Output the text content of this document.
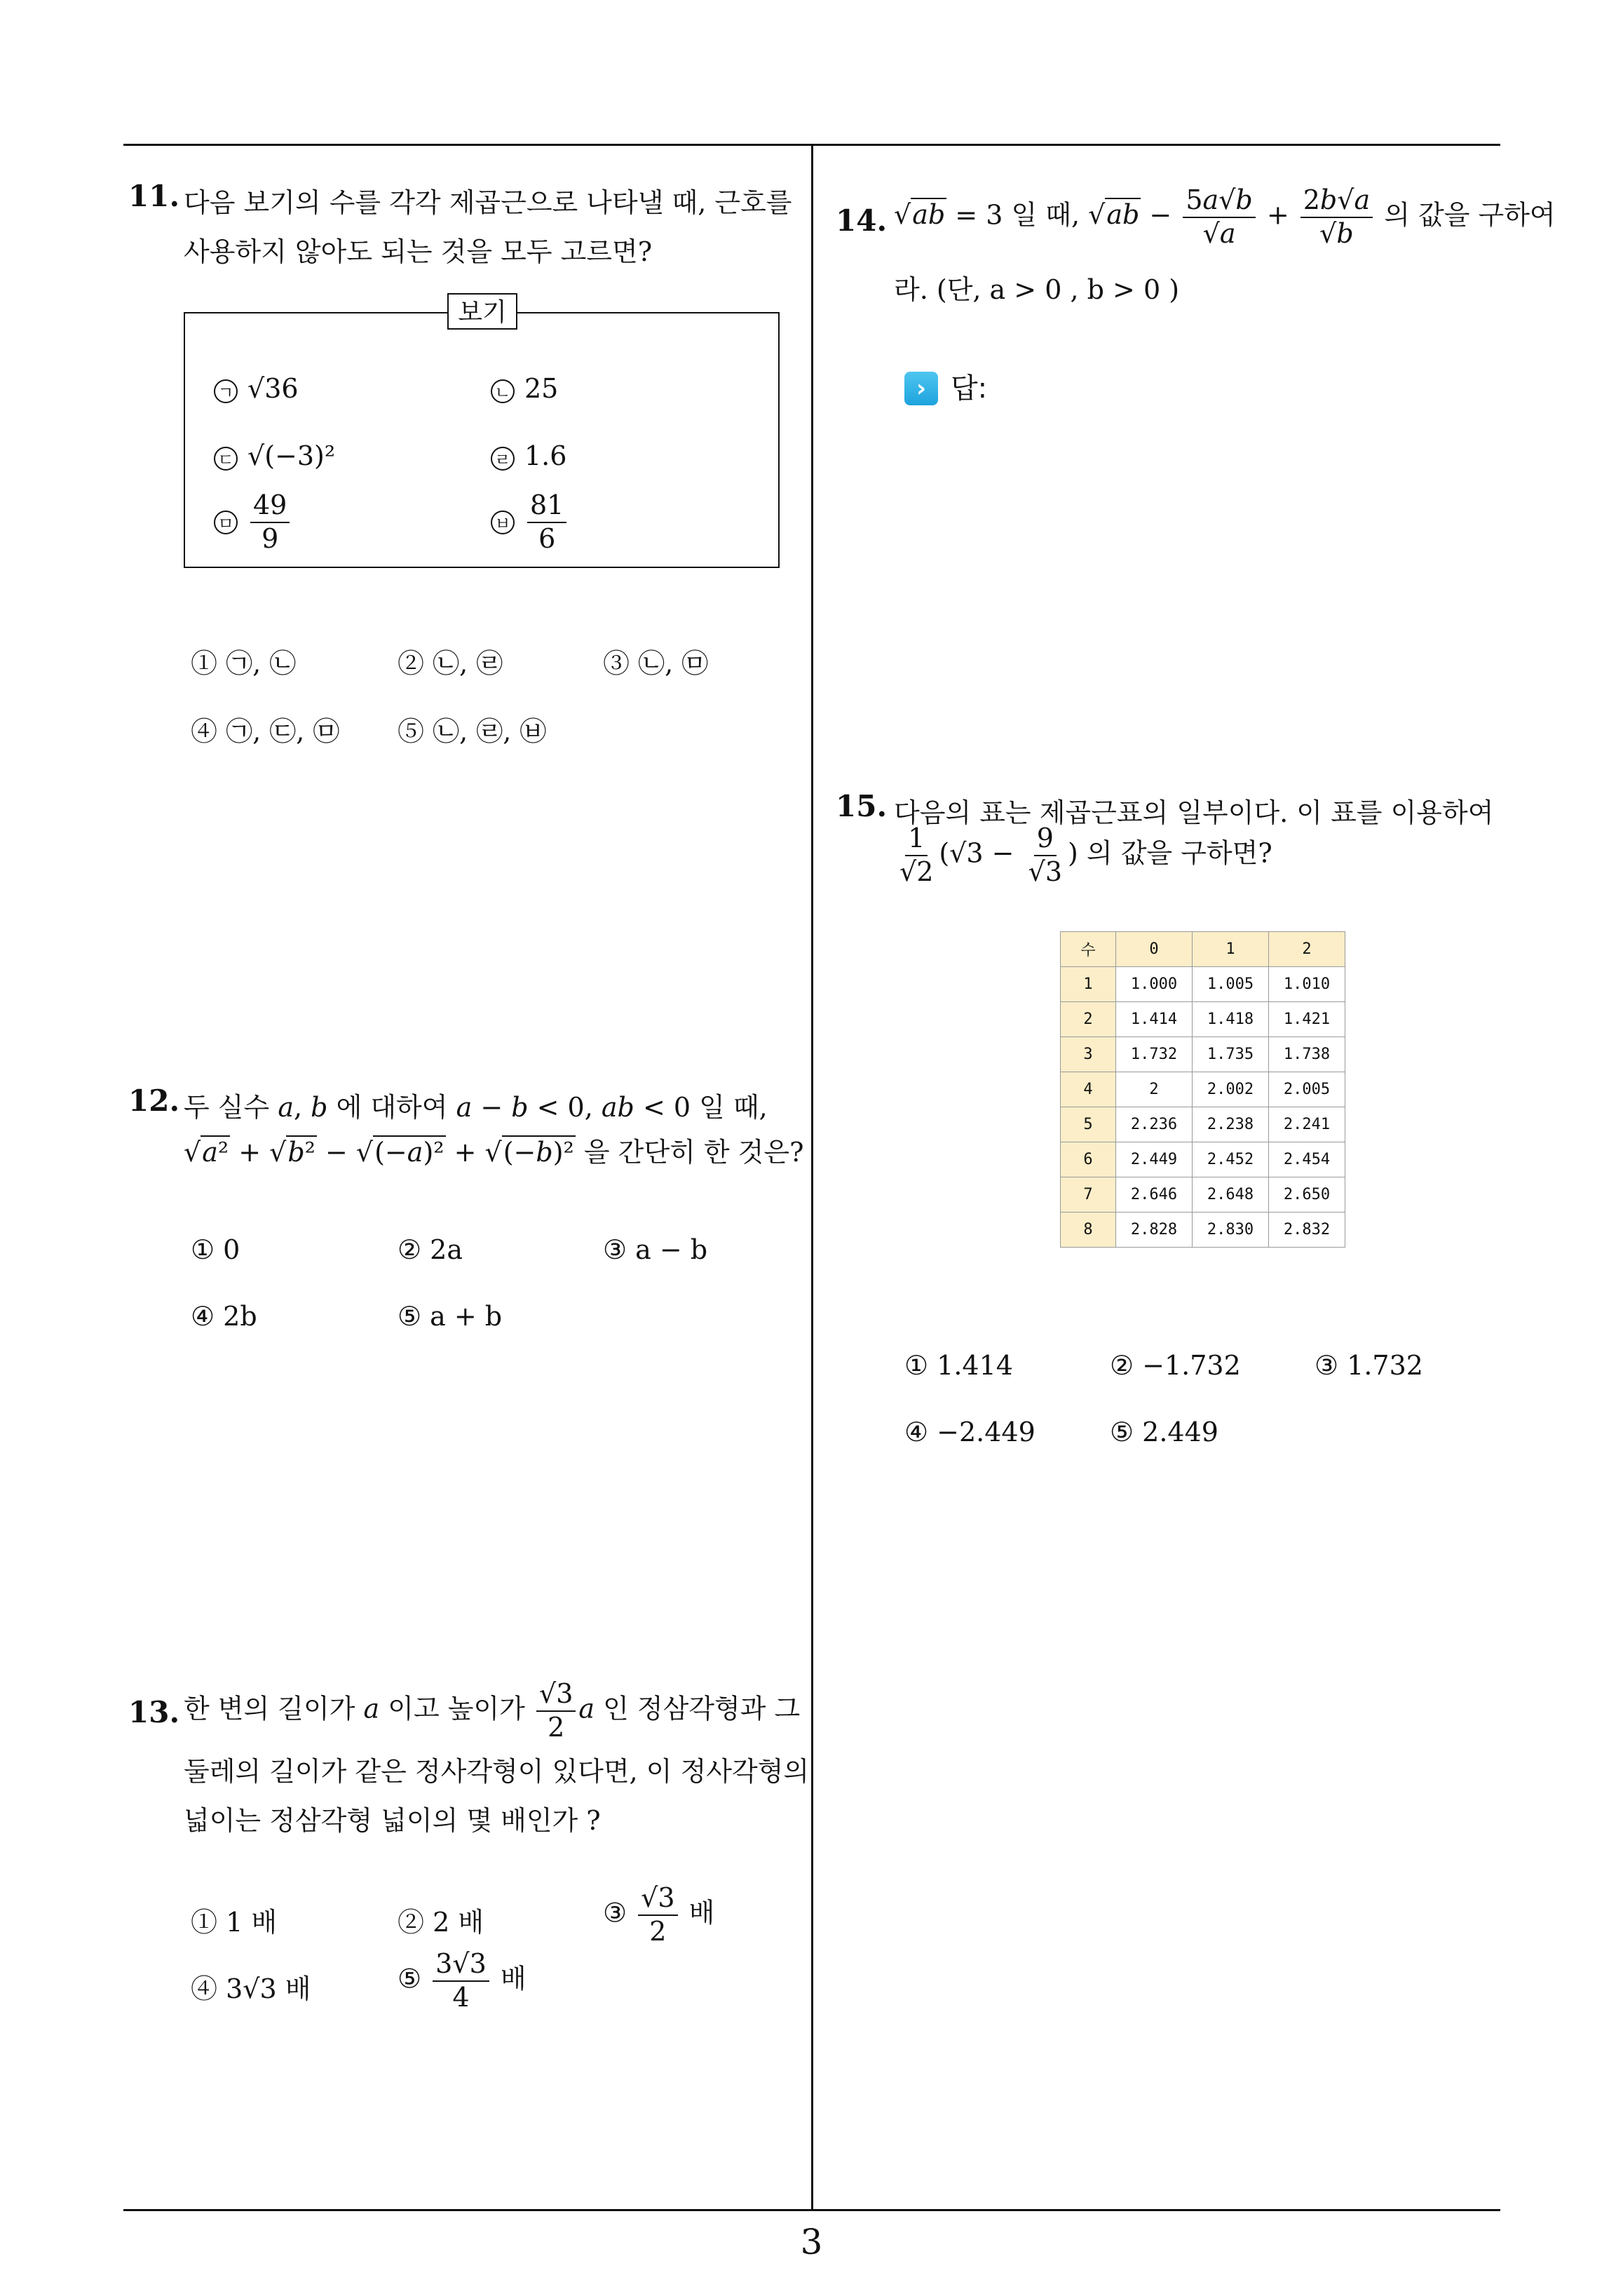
11. 다음 보기의 수를 각각 제곱근으로 나타낼 때, 근호를
사용하지 않아도 되는 것을 모두 고르면?
보기
ㄱ √36	ㄴ 25
ㄷ √(−3)²	ㄹ 1.6
ㅁ $\frac{49}{9}$	ㅂ $\frac{81}{6}$
① ㉠, ㉡	② ㉡, ㉣	③ ㉡, ㉤
④ ㉠, ㉢, ㉤ ⑤ ㉡, ㉣, ㉥
12. 두 실수 a, b 에 대하여 a − b < 0, ab < 0 일 때,
√a² + √b² − √(−a)² + √(−b)² 을 간단히 한 것은?
① 0	② 2a	③ a − b
④ 2b	⑤ a + b
13. 한 변의 길이가 a 이고 높이가 $\frac{√3}{2}$ a 인 정삼각형과 그
둘레의 길이가 같은 정사각형이 있다면, 이 정사각형의
넓이는 정삼각형 넓이의 몇 배인가 ?
① 1 배	② 2 배	③ $\frac{√3}{2}$ 배
④ 3√3 배	⑤ $\frac{3√3}{4}$ 배
14. √ab = 3 일 때, $√ab - \frac{5a√b}{√a} + \frac{2b√a}{√b}$ 의 값을 구하여
라. (단, a > 0 , b > 0 )
› 답:
15. 다음의 표는 제곱근표의 일부이다. 이 표를 이용하여
$\frac{1}{√2} (√3 - \frac{9}{√3}$ ) 의 값을 구하면?
수	0	1	2
1	1.000	1.005	1.010
2	1.414	1.418	1.421
3	1.732	1.735	1.738
4	2	2.002	2.005
5	2.236	2.238	2.241
6	2.449	2.452	2.454
7	2.646	2.648	2.650
8	2.828	2.830	2.832
① 1.414	② −1.732	③ 1.732
④ −2.449	⑤ 2.449
3
